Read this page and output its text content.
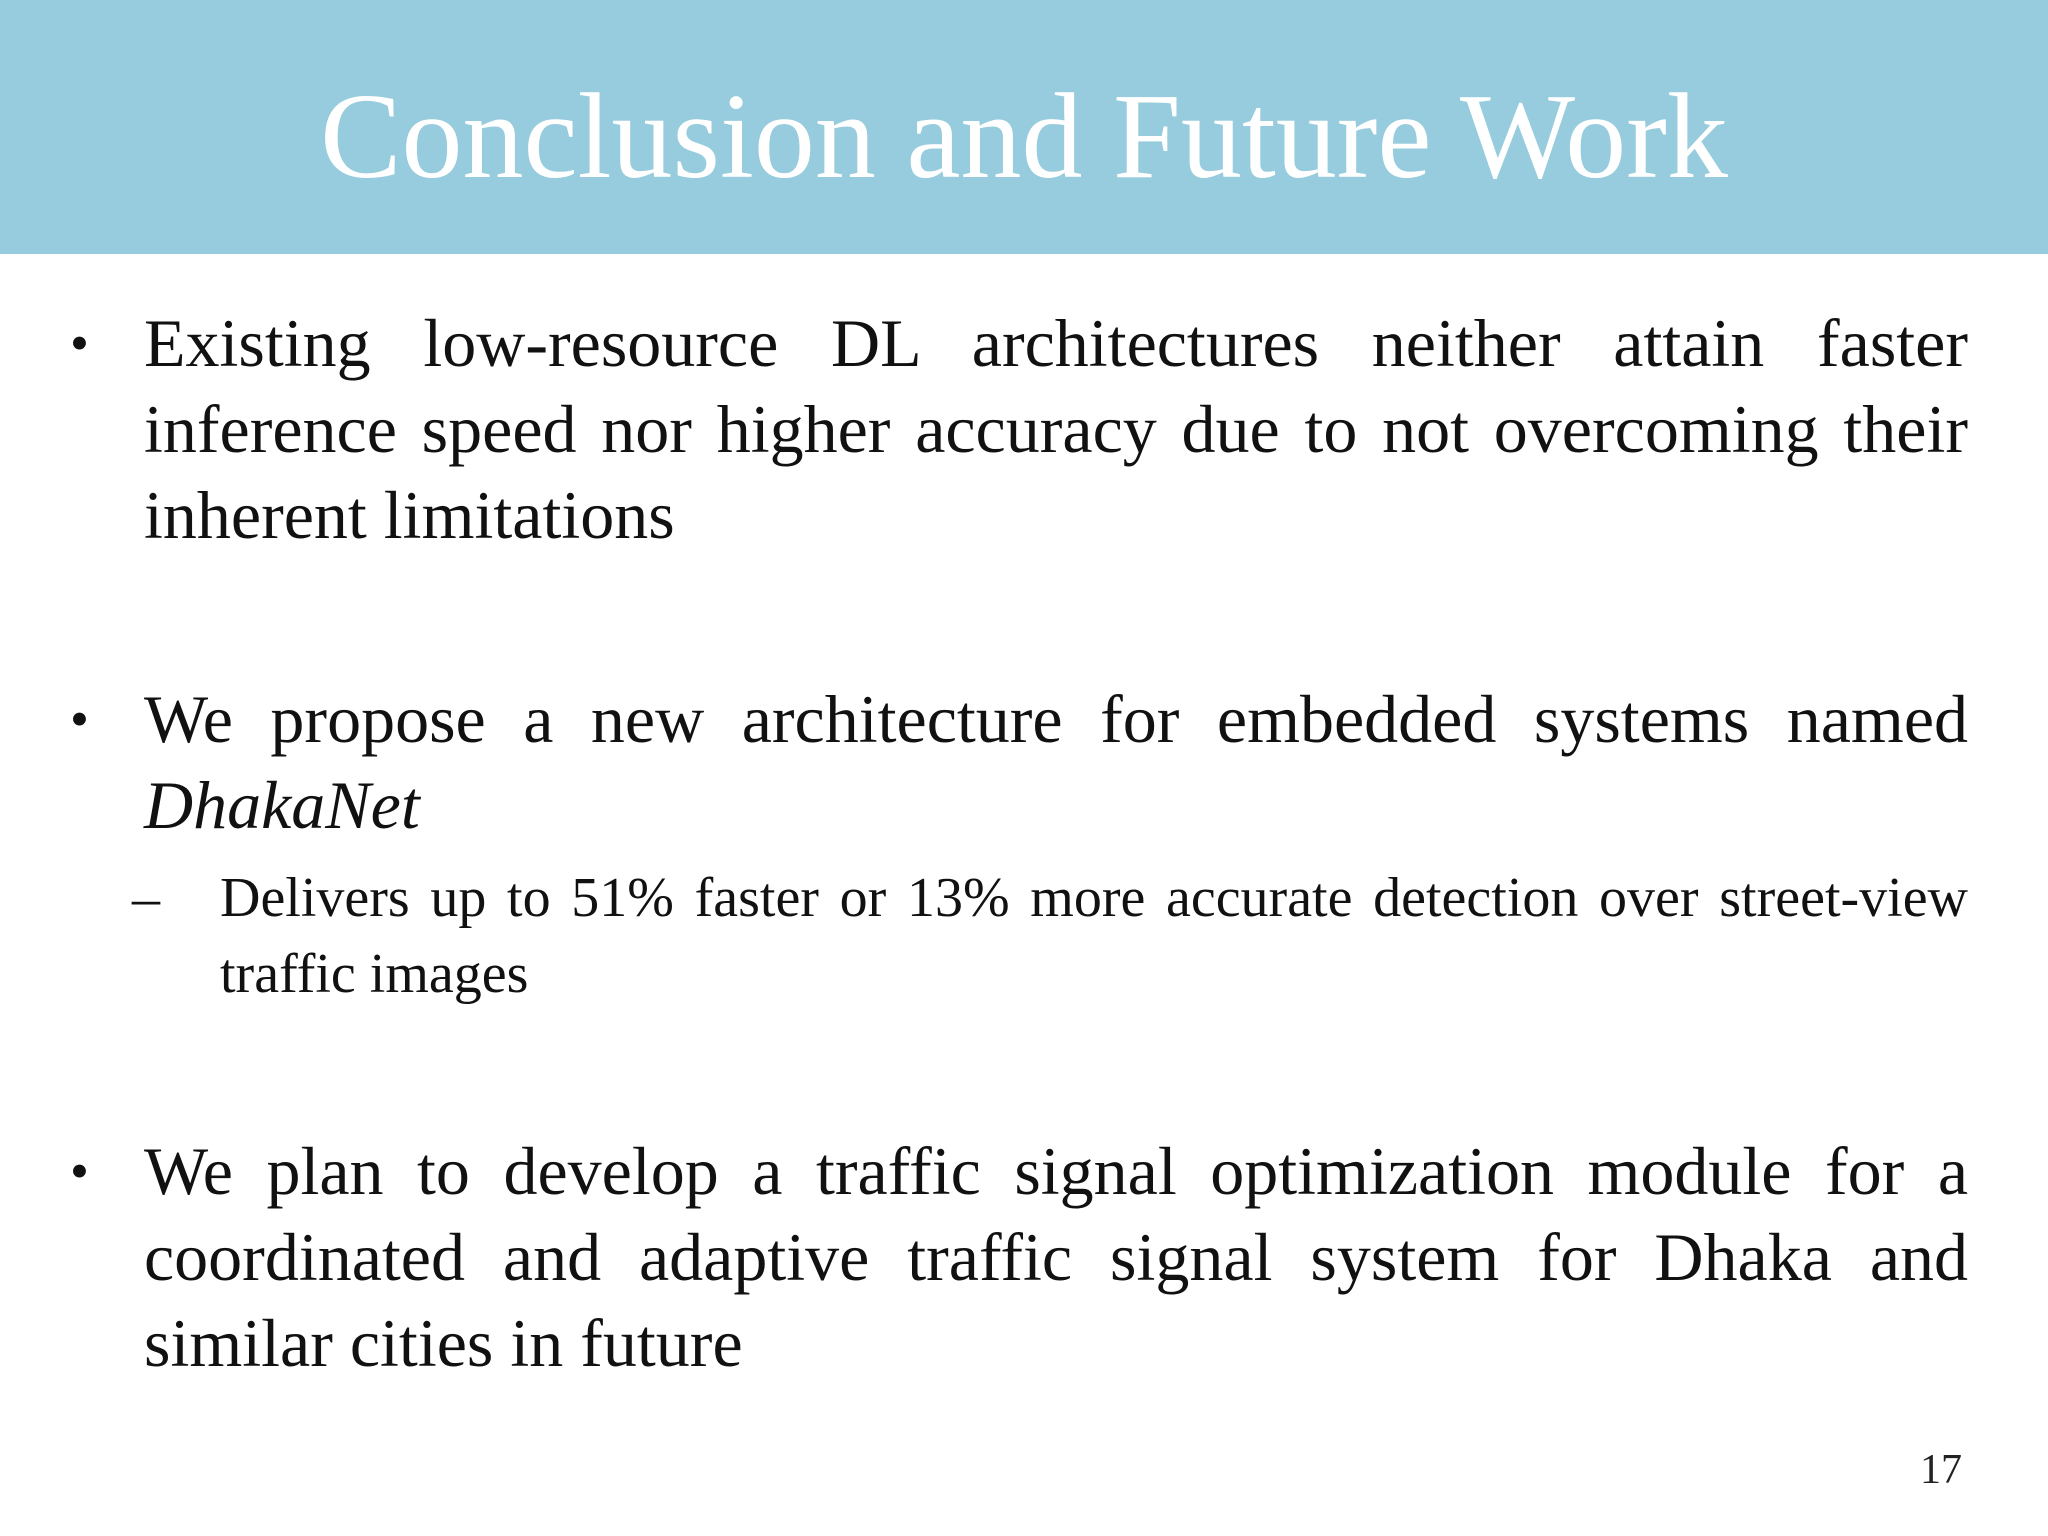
Conclusion and Future Work
• Existing low-resource DL architectures neither attain faster inference speed nor higher accuracy due to not overcoming their inherent limitations
• We propose a new architecture for embedded systems named DhakaNet
– Delivers up to 51% faster or 13% more accurate detection over street-view traffic images
• We plan to develop a traffic signal optimization module for a coordinated and adaptive traffic signal system for Dhaka and similar cities in future
17
